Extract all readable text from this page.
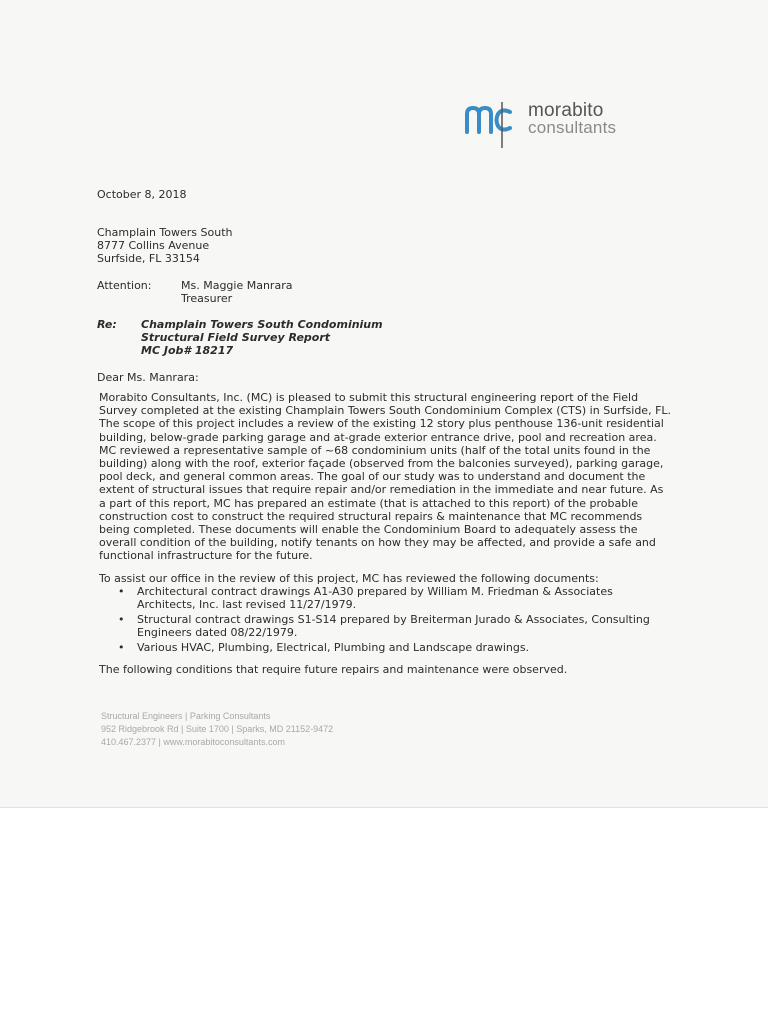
morabito
consultants
October 8, 2018
Champlain Towers South
8777 Collins Avenue
Surfside, FL 33154
Attention:	Ms. Maggie Manrara
Treasurer
Re: Champlain Towers South Condominium
Structural Field Survey Report
MC Job# 18217
Dear Ms. Manrara:
Morabito Consultants, Inc. (MC) is pleased to submit this structural engineering report of the Field
Survey completed at the existing Champlain Towers South Condominium Complex (CTS) in Surfside, FL.
The scope of this project includes a review of the existing 12 story plus penthouse 136-unit residential
building, below-grade parking garage and at-grade exterior entrance drive, pool and recreation area.
MC reviewed a representative sample of ~68 condominium units (half of the total units found in the
building) along with the roof, exterior façade (observed from the balconies surveyed), parking garage,
pool deck, and general common areas. The goal of our study was to understand and document the
extent of structural issues that require repair and/or remediation in the immediate and near future. As
a part of this report, MC has prepared an estimate (that is attached to this report) of the probable
construction cost to construct the required structural repairs & maintenance that MC recommends
being completed. These documents will enable the Condominium Board to adequately assess the
overall condition of the building, notify tenants on how they may be affected, and provide a safe and
functional infrastructure for the future.
To assist our office in the review of this project, MC has reviewed the following documents:
• Architectural contract drawings A1-A30 prepared by William M. Friedman & Associates
Architects, Inc. last revised 11/27/1979.
• Structural contract drawings S1-S14 prepared by Breiterman Jurado & Associates, Consulting
Engineers dated 08/22/1979.
• Various HVAC, Plumbing, Electrical, Plumbing and Landscape drawings.
The following conditions that require future repairs and maintenance were observed.
Structural Engineers | Parking Consultants
952 Ridgebrook Rd | Suite 1700 | Sparks, MD 21152-9472
410.467.2377 | www.morabitoconsultants.com
